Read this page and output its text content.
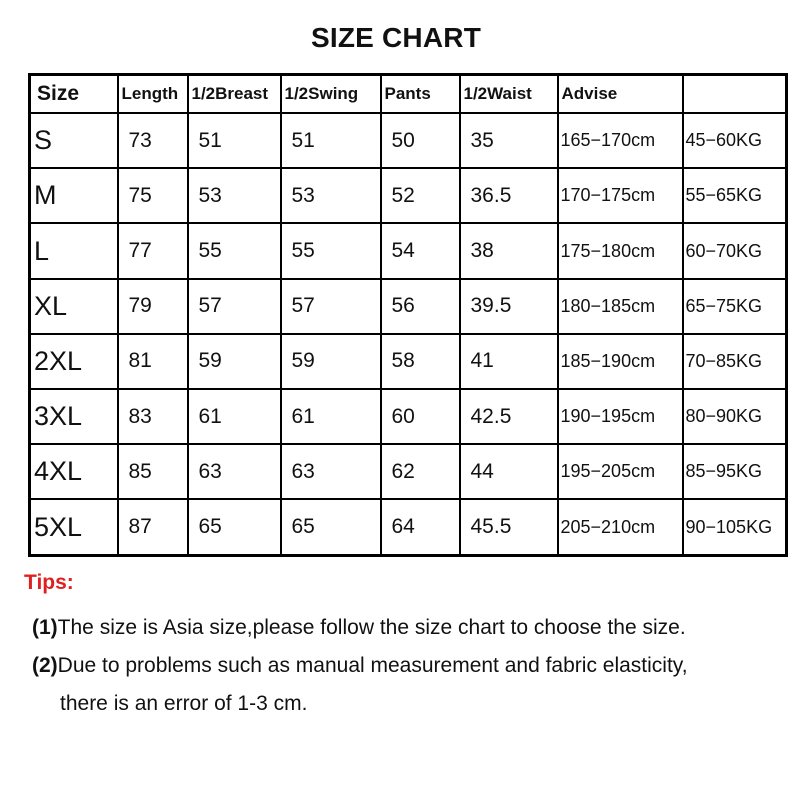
SIZE CHART
Size	Length	1/2Breast	1/2Swing	Pants	1/2Waist	Advise	
S	73	51	51	50	35	165−170cm	45−60KG
M	75	53	53	52	36.5	170−175cm	55−65KG
L	77	55	55	54	38	175−180cm	60−70KG
XL	79	57	57	56	39.5	180−185cm	65−75KG
2XL	81	59	59	58	41	185−190cm	70−85KG
3XL	83	61	61	60	42.5	190−195cm	80−90KG
4XL	85	63	63	62	44	195−205cm	85−95KG
5XL	87	65	65	64	45.5	205−210cm	90−105KG
Tips:
(1)The size is Asia size,please follow the size chart to choose the size.
(2)Due to problems such as manual measurement and fabric elasticity,
there is an error of 1-3 cm.
